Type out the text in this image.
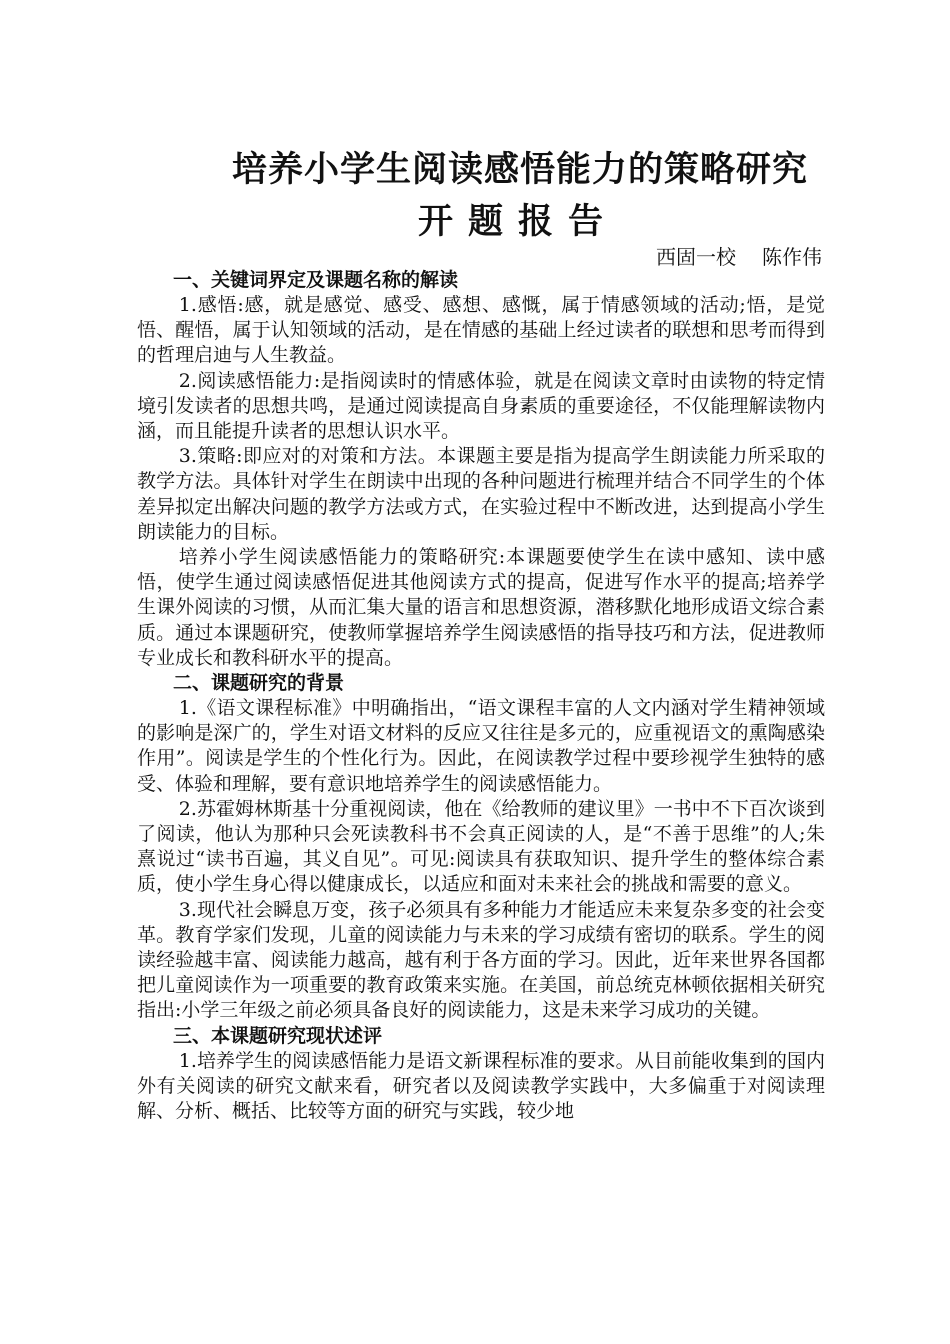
培养小学生阅读感悟能力的策略研究
开题报告
西固一校 陈作伟

一、关键词界定及课题名称的解读

1.感悟:感，就是感觉、感受、感想、感慨，属于情感领域的活动;悟，是觉悟、醒悟，属于认知领域的活动，是在情感的基础上经过读者的联想和思考而得到的哲理启迪与人生教益。

2.阅读感悟能力:是指阅读时的情感体验，就是在阅读文章时由读物的特定情境引发读者的思想共鸣，是通过阅读提高自身素质的重要途径，不仅能理解读物内涵，而且能提升读者的思想认识水平。

3.策略:即应对的对策和方法。本课题主要是指为提高学生朗读能力所采取的教学方法。具体针对学生在朗读中出现的各种问题进行梳理并结合不同学生的个体差异拟定出解决问题的教学方法或方式，在实验过程中不断改进，达到提高小学生朗读能力的目标。

培养小学生阅读感悟能力的策略研究:本课题要使学生在读中感知、读中感悟，使学生通过阅读感悟促进其他阅读方式的提高，促进写作水平的提高;培养学生课外阅读的习惯，从而汇集大量的语言和思想资源，潜移默化地形成语文综合素质。通过本课题研究，使教师掌握培养学生阅读感悟的指导技巧和方法，促进教师专业成长和教科研水平的提高。

二、课题研究的背景

1.《语文课程标准》中明确指出，“语文课程丰富的人文内涵对学生精神领域的影响是深广的，学生对语文材料的反应又往往是多元的，应重视语文的熏陶感染作用”。阅读是学生的个性化行为。因此，在阅读教学过程中要珍视学生独特的感受、体验和理解，要有意识地培养学生的阅读感悟能力。

2.苏霍姆林斯基十分重视阅读，他在《给教师的建议里》一书中不下百次谈到了阅读，他认为那种只会死读教科书不会真正阅读的人，是“不善于思维”的人;朱熹说过“读书百遍，其义自见”。可见:阅读具有获取知识、提升学生的整体综合素质，使小学生身心得以健康成长，以适应和面对未来社会的挑战和需要的意义。

3.现代社会瞬息万变，孩子必须具有多种能力才能适应未来复杂多变的社会变革。教育学家们发现，儿童的阅读能力与未来的学习成绩有密切的联系。学生的阅读经验越丰富、阅读能力越高，越有利于各方面的学习。因此，近年来世界各国都把儿童阅读作为一项重要的教育政策来实施。在美国，前总统克林顿依据相关研究指出:小学三年级之前必须具备良好的阅读能力，这是未来学习成功的关键。

三、本课题研究现状述评

1.培养学生的阅读感悟能力是语文新课程标准的要求。从目前能收集到的国内外有关阅读的研究文献来看，研究者以及阅读教学实践中，大多偏重于对阅读理解、分析、概括、比较等方面的研究与实践，较少地
